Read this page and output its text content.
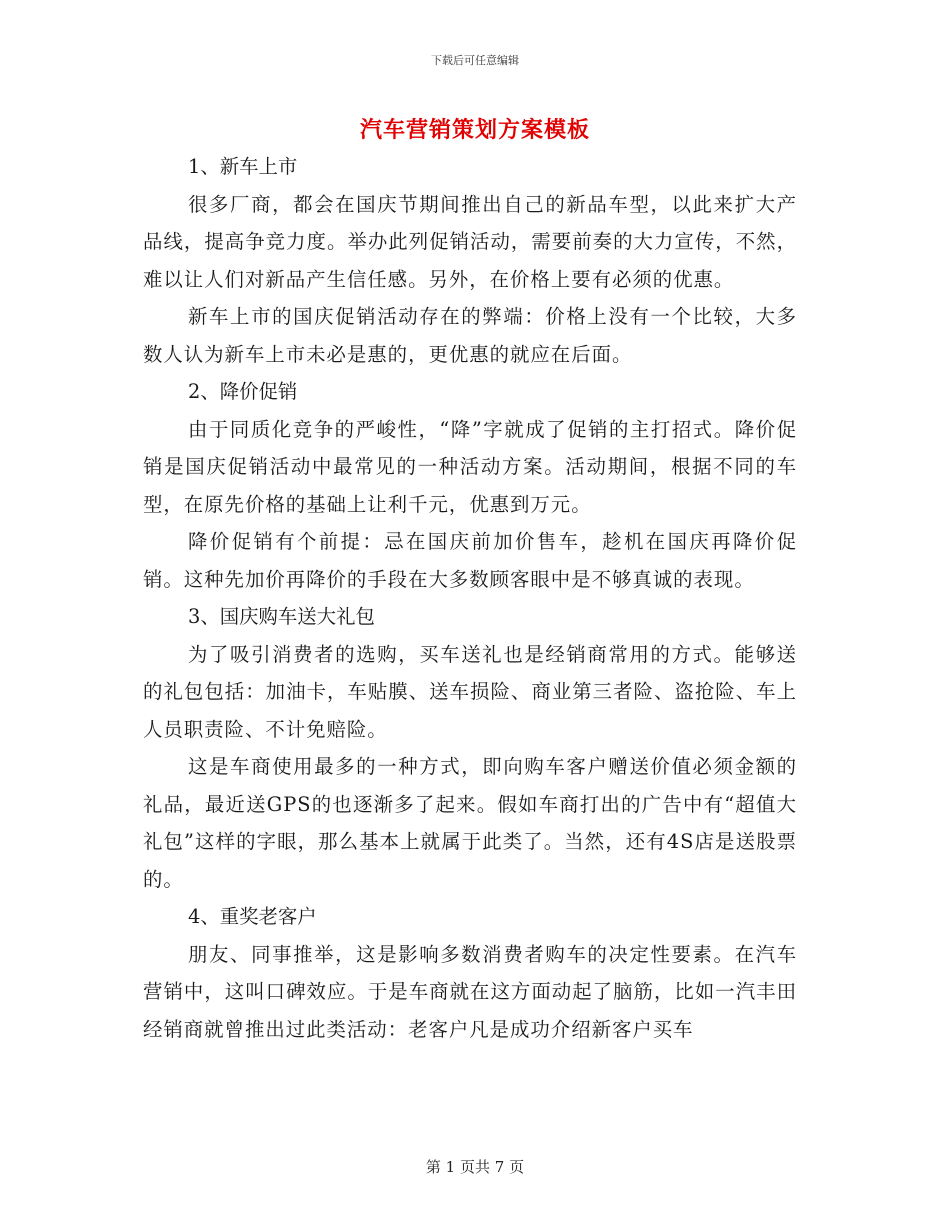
下载后可任意编辑
汽车营销策划方案模板

1、新车上市

很多厂商，都会在国庆节期间推出自己的新品车型，以此来扩大产品线，提高争竞力度。举办此列促销活动，需要前奏的大力宣传，不然，难以让人们对新品产生信任感。另外，在价格上要有必须的优惠。

新车上市的国庆促销活动存在的弊端：价格上没有一个比较，大多数人认为新车上市未必是惠的，更优惠的就应在后面。

2、降价促销

由于同质化竞争的严峻性，“降”字就成了促销的主打招式。降价促销是国庆促销活动中最常见的一种活动方案。活动期间，根据不同的车型，在原先价格的基础上让利千元，优惠到万元。

降价促销有个前提：忌在国庆前加价售车，趁机在国庆再降价促销。这种先加价再降价的手段在大多数顾客眼中是不够真诚的表现。

3、国庆购车送大礼包

为了吸引消费者的选购，买车送礼也是经销商常用的方式。能够送的礼包包括：加油卡，车贴膜、送车损险、商业第三者险、盗抢险、车上人员职责险、不计免赔险。

这是车商使用最多的一种方式，即向购车客户赠送价值必须金额的礼品，最近送GPS的也逐渐多了起来。假如车商打出的广告中有“超值大礼包”这样的字眼，那么基本上就属于此类了。当然，还有4S店是送股票的。

4、重奖老客户

朋友、同事推举，这是影响多数消费者购车的决定性要素。在汽车营销中，这叫口碑效应。于是车商就在这方面动起了脑筋，比如一汽丰田经销商就曾推出过此类活动：老客户凡是成功介绍新客户买车

第 1 页共 7 页
